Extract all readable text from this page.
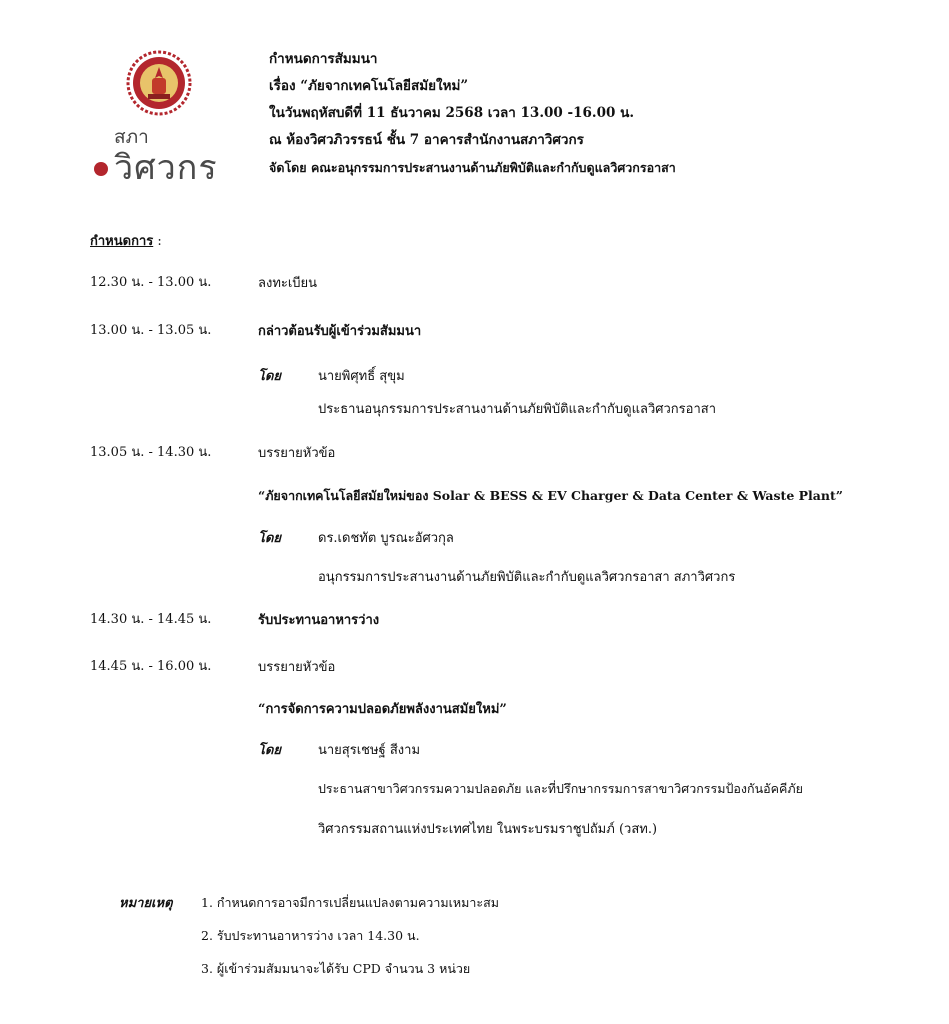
สภา
วิศวกร
กำหนดการสัมมนา
เรื่อง “ภัยจากเทคโนโลยีสมัยใหม่”
ในวันพฤหัสบดีที่ 11 ธันวาคม 2568 เวลา 13.00 -16.00 น.
ณ ห้องวิศวภิวรรธน์ ชั้น 7 อาคารสำนักงานสภาวิศวกร
จัดโดย คณะอนุกรรมการประสานงานด้านภัยพิบัติและกำกับดูแลวิศวกรอาสา
กำหนดการ :
12.30 น. - 13.00 น.	ลงทะเบียน
13.00 น. - 13.05 น.	กล่าวต้อนรับผู้เข้าร่วมสัมมนา
โดย	นายพิศุทธิ์ สุขุม
ประธานอนุกรรมการประสานงานด้านภัยพิบัติและกำกับดูแลวิศวกรอาสา
13.05 น. - 14.30 น.	บรรยายหัวข้อ
“ภัยจากเทคโนโลยีสมัยใหม่ของ Solar & BESS & EV Charger & Data Center & Waste Plant”
โดย	ดร.เดชทัต บูรณะอัศวกุล
อนุกรรมการประสานงานด้านภัยพิบัติและกำกับดูแลวิศวกรอาสา สภาวิศวกร
14.30 น. - 14.45 น.	รับประทานอาหารว่าง
14.45 น. - 16.00 น.	บรรยายหัวข้อ
“การจัดการความปลอดภัยพลังงานสมัยใหม่”
โดย	นายสุรเชษฐ์ สีงาม
ประธานสาขาวิศวกรรมความปลอดภัย และที่ปรึกษากรรมการสาขาวิศวกรรมป้องกันอัคคีภัย
วิศวกรรมสถานแห่งประเทศไทย ในพระบรมราชูปถัมภ์ (วสท.)
หมายเหตุ 1. กำหนดการอาจมีการเปลี่ยนแปลงตามความเหมาะสม
2. รับประทานอาหารว่าง เวลา 14.30 น.
3. ผู้เข้าร่วมสัมมนาจะได้รับ CPD จำนวน 3 หน่วย
